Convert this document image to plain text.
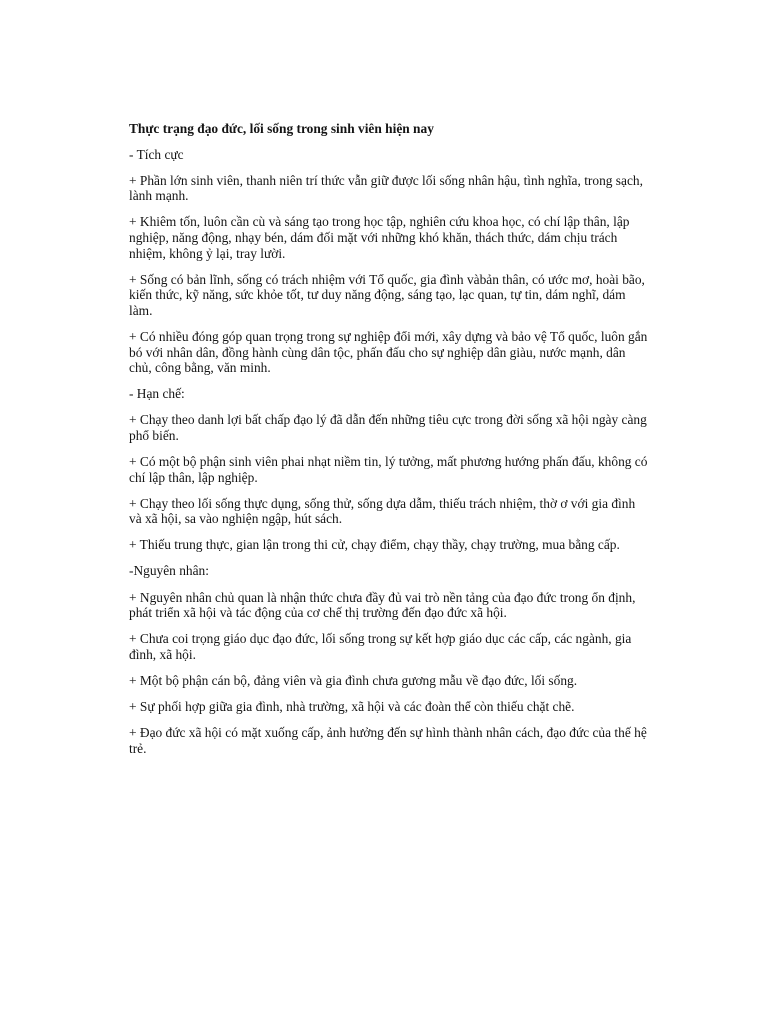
Thực trạng đạo đức, lối sống trong sinh viên hiện nay
- Tích cực
+ Phần lớn sinh viên, thanh niên trí thức vẫn giữ được lối sống nhân hậu, tình nghĩa, trong sạch, lành mạnh.
+ Khiêm tốn, luôn cần cù và sáng tạo trong học tập, nghiên cứu khoa học, có chí lập thân, lập nghiệp, năng động, nhạy bén, dám đối mặt với những khó khăn, thách thức, dám chịu trách nhiệm, không ỷ lại, tray lười.
+ Sống có bản lĩnh, sống có trách nhiệm với Tổ quốc, gia đình vàbản thân, có ước mơ, hoài bão, kiến thức, kỹ năng, sức khỏe tốt, tư duy năng động, sáng tạo, lạc quan, tự tin, dám nghĩ, dám làm.
+ Có nhiều đóng góp quan trọng trong sự nghiệp đổi mới, xây dựng và bảo vệ Tổ quốc, luôn gắn bó với nhân dân, đồng hành cùng dân tộc, phấn đấu cho sự nghiệp dân giàu, nước mạnh, dân chủ, công bằng, văn minh.
- Hạn chế:
+ Chạy theo danh lợi bất chấp đạo lý đã dẫn đến những tiêu cực trong đời sống xã hội ngày càng phổ biến.
+ Có một bộ phận sinh viên phai nhạt niềm tin, lý tưởng, mất phương hướng phấn đấu, không có chí lập thân, lập nghiệp.
+ Chạy theo lối sống thực dụng, sống thử, sống dựa dẫm, thiếu trách nhiệm, thờ ơ với gia đình và xã hội, sa vào nghiện ngập, hút sách.
+ Thiếu trung thực, gian lận trong thi cử, chạy điểm, chạy thầy, chạy trường, mua bằng cấp.
-Nguyên nhân:
+ Nguyên nhân chủ quan là nhận thức chưa đầy đủ vai trò nền tảng của đạo đức trong ổn định, phát triển xã hội và tác động của cơ chế thị trường đến đạo đức xã hội.
+ Chưa coi trọng giáo dục đạo đức, lối sống trong sự kết hợp giáo dục các cấp, các ngành, gia đình, xã hội.
+ Một bộ phận cán bộ, đảng viên và gia đình chưa gương mẫu về đạo đức, lối sống.
+ Sự phối hợp giữa gia đình, nhà trường, xã hội và các đoàn thể còn thiếu chặt chẽ.
+ Đạo đức xã hội có mặt xuống cấp, ảnh hưởng đến sự hình thành nhân cách, đạo đức của thế hệ trẻ.
